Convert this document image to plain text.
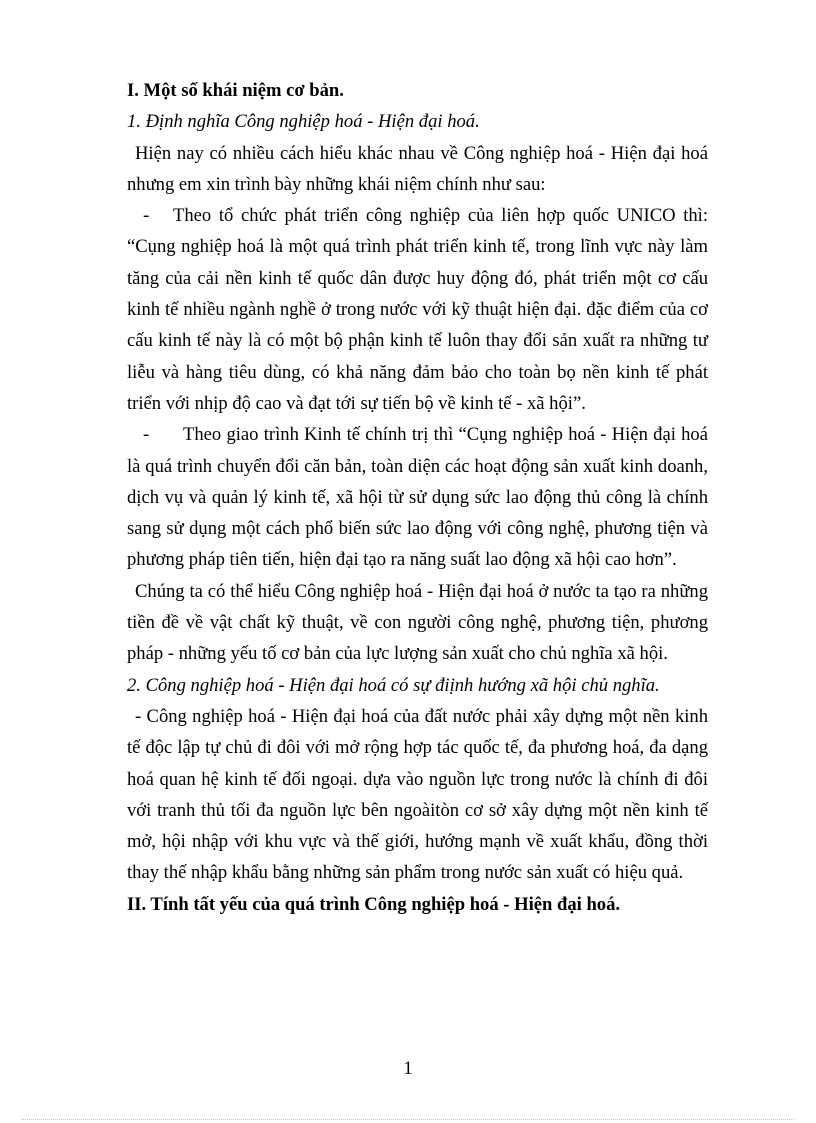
I. Một số khái niệm cơ bản.

1. Định nghĩa Công nghiệp hoá - Hiện đại hoá.

Hiện nay có nhiều cách hiểu khác nhau về Công nghiệp hoá - Hiện đại hoá nhưng em xin trình bày những khái niệm chính như sau:

- Theo tổ chức phát triển công nghiệp của liên hợp quốc UNICO thì: “Cụng nghiệp hoá là một quá trình phát triển kinh tế, trong lĩnh vực này làm tăng của cải nền kinh tế quốc dân được huy động đó, phát triển một cơ cấu kinh tế nhiều ngành nghề ở trong nước với kỹ thuật hiện đại. đặc điểm của cơ cấu kinh tế này là có một bộ phận kinh tế luôn thay đổi sản xuất ra những tư liễu và hàng tiêu dùng, có khả năng đảm bảo cho toàn bọ nền kinh tế phát triển với nhịp độ cao và đạt tới sự tiến bộ về kinh tế - xã hội”.

- Theo giao trình Kinh tế chính trị thì “Cụng nghiệp hoá - Hiện đại hoá là quá trình chuyển đổi căn bản, toàn diện các hoạt động sản xuất kinh doanh, dịch vụ và quản lý kinh tế, xã hội từ sử dụng sức lao động thủ công là chính sang sử dụng một cách phổ biến sức lao động với công nghệ, phương tiện và phương pháp tiên tiến, hiện đại tạo ra năng suất lao động xã hội cao hơn”.

Chúng ta có thể hiểu Công nghiệp hoá - Hiện đại hoá ở nước ta tạo ra những tiền đề về vật chất kỹ thuật, về con người công nghệ, phương tiện, phương pháp - những yếu tố cơ bản của lực lượng sản xuất cho chủ nghĩa xã hội.

2. Công nghiệp hoá - Hiện đại hoá có sự điịnh hướng xã hội chủ nghĩa.

- Công nghiệp hoá - Hiện đại hoá của đất nước phải xây dựng một nền kinh tế độc lập tự chủ đi đôi với mở rộng hợp tác quốc tế, đa phương hoá, đa dạng hoá quan hệ kinh tế đối ngoại. dựa vào nguồn lực trong nước là chính đi đôi với tranh thủ tối đa nguồn lực bên ngoàitòn cơ sở xây dựng một nền kinh tế mở, hội nhập với khu vực và thế giới, hướng mạnh về xuất khẩu, đồng thời thay thế nhập khẩu bằng những sản phẩm trong nước sản xuất có hiệu quả.

II. Tính tất yếu của quá trình Công nghiệp hoá - Hiện đại hoá.

1
